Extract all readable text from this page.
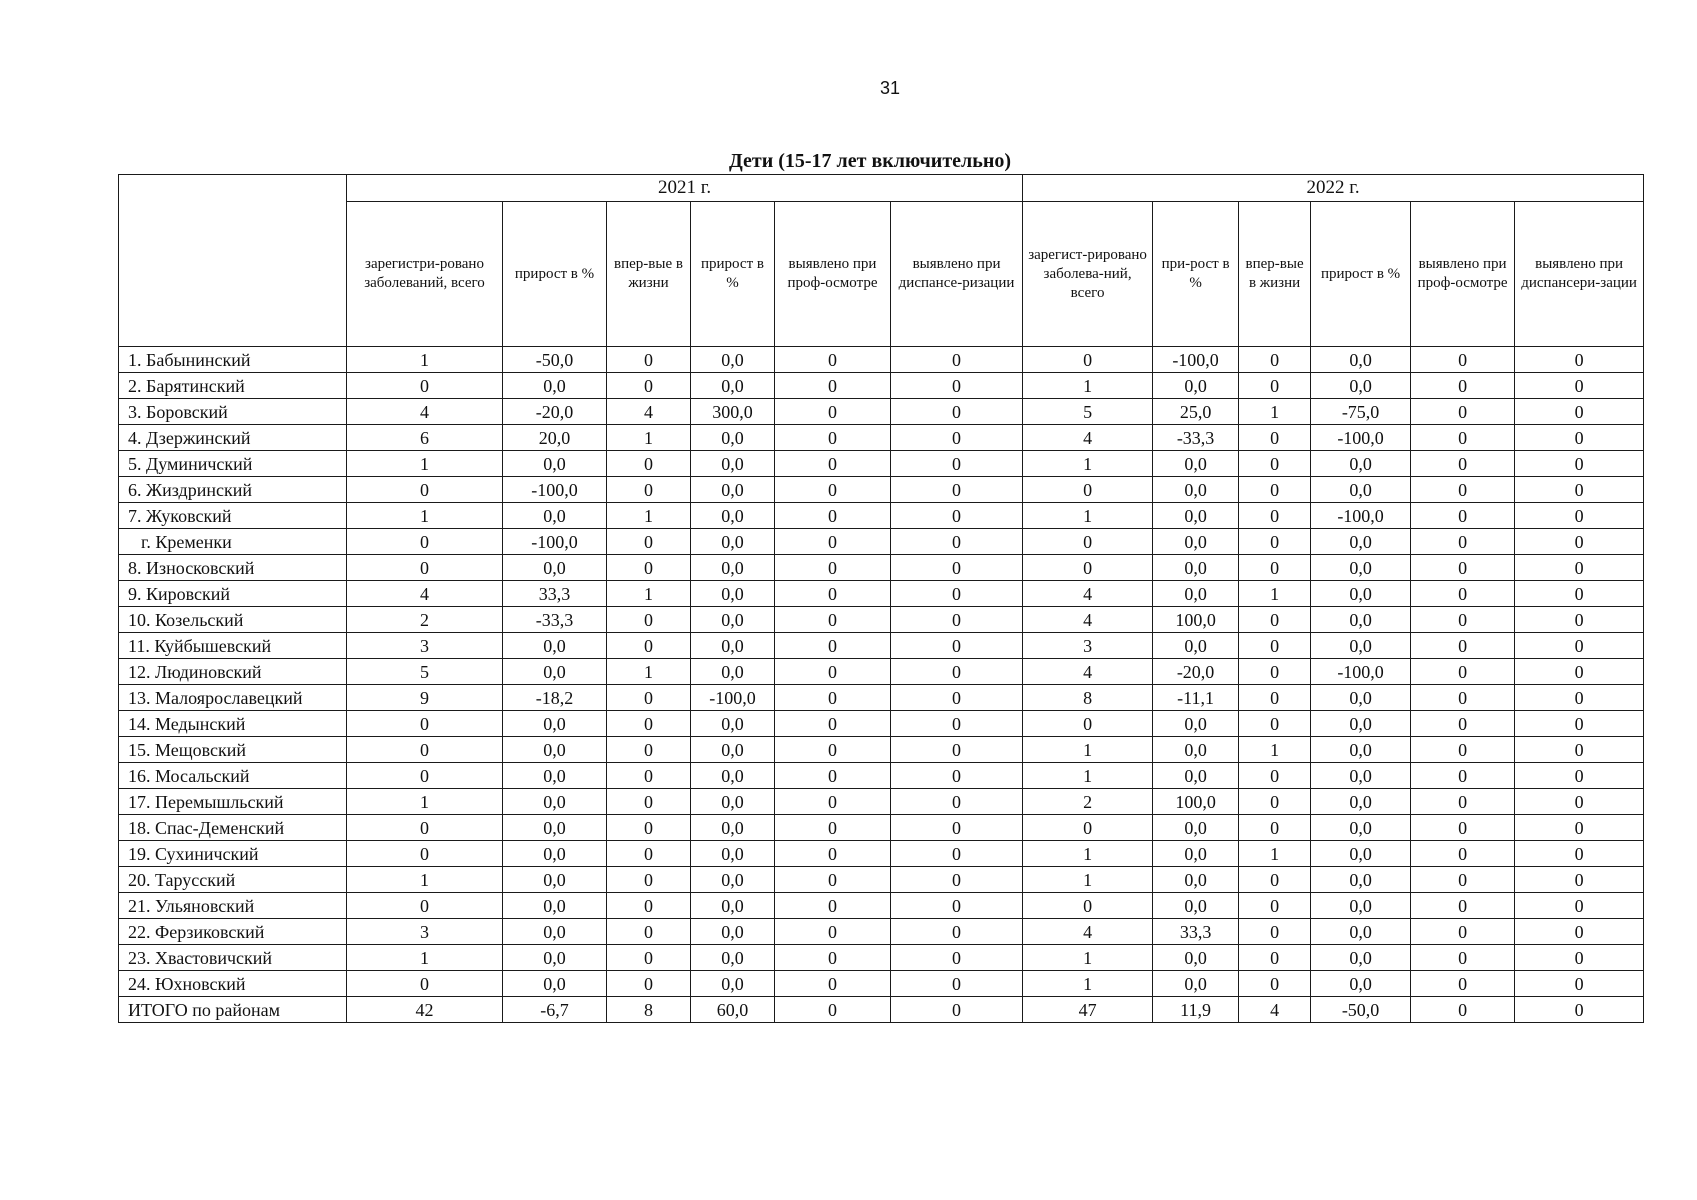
31
Дети (15-17 лет включительно)
	2021 г.						2022 г.					
	зарегистри-рованo заболеваний, всего	прирост в %	впер-вые в жизни	прирост в %	выявлено при проф-осмотре	выявлено при диспансе-ризации	зарегист-рировано заболева-ний, всего	при-рост в %	впер-вые в жизни	прирост в %	выявлено при проф-осмотре	выявлено при диспансери-зации
1. Бабынинский	1	-50,0	0	0,0	0	0	0	-100,0	0	0,0	0	0
2. Барятинский	0	0,0	0	0,0	0	0	1	0,0	0	0,0	0	0
3. Боровский	4	-20,0	4	300,0	0	0	5	25,0	1	-75,0	0	0
4. Дзержинский	6	20,0	1	0,0	0	0	4	-33,3	0	-100,0	0	0
5. Думиничский	1	0,0	0	0,0	0	0	1	0,0	0	0,0	0	0
6. Жиздринский	0	-100,0	0	0,0	0	0	0	0,0	0	0,0	0	0
7. Жуковский	1	0,0	1	0,0	0	0	1	0,0	0	-100,0	0	0
г. Кременки	0	-100,0	0	0,0	0	0	0	0,0	0	0,0	0	0
8. Износковский	0	0,0	0	0,0	0	0	0	0,0	0	0,0	0	0
9. Кировский	4	33,3	1	0,0	0	0	4	0,0	1	0,0	0	0
10. Козельский	2	-33,3	0	0,0	0	0	4	100,0	0	0,0	0	0
11. Куйбышевский	3	0,0	0	0,0	0	0	3	0,0	0	0,0	0	0
12. Людиновский	5	0,0	1	0,0	0	0	4	-20,0	0	-100,0	0	0
13. Малоярославецкий	9	-18,2	0	-100,0	0	0	8	-11,1	0	0,0	0	0
14. Медынский	0	0,0	0	0,0	0	0	0	0,0	0	0,0	0	0
15. Мещовский	0	0,0	0	0,0	0	0	1	0,0	1	0,0	0	0
16. Мосальский	0	0,0	0	0,0	0	0	1	0,0	0	0,0	0	0
17. Перемышльский	1	0,0	0	0,0	0	0	2	100,0	0	0,0	0	0
18. Спас-Деменский	0	0,0	0	0,0	0	0	0	0,0	0	0,0	0	0
19. Сухиничский	0	0,0	0	0,0	0	0	1	0,0	1	0,0	0	0
20. Тарусский	1	0,0	0	0,0	0	0	1	0,0	0	0,0	0	0
21. Ульяновский	0	0,0	0	0,0	0	0	0	0,0	0	0,0	0	0
22. Ферзиковский	3	0,0	0	0,0	0	0	4	33,3	0	0,0	0	0
23. Хвастовичский	1	0,0	0	0,0	0	0	1	0,0	0	0,0	0	0
24. Юхновский	0	0,0	0	0,0	0	0	1	0,0	0	0,0	0	0
ИТОГО по районам	42	-6,7	8	60,0	0	0	47	11,9	4	-50,0	0	0
